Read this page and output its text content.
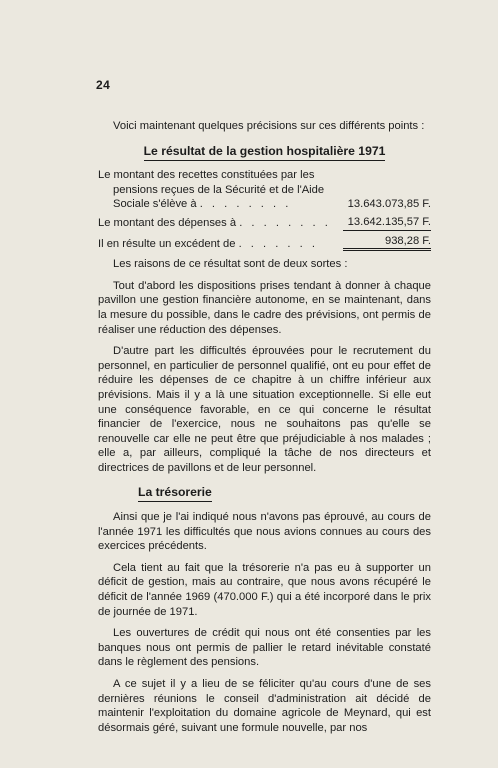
24

Voici maintenant quelques précisions sur ces différents points :

Le résultat de la gestion hospitalière 1971
Le montant des recettes constituées par les pensions reçues de la Sécurité et de l'Aide Sociale s'élève à . . . . . . . .	13.643.073,85 F.
Le montant des dépenses à . . . . . . . .	13.642.135,57 F.
Il en résulte un excédent de . . . . . . .	938,28 F.

Les raisons de ce résultat sont de deux sortes :

Tout d'abord les dispositions prises tendant à donner à chaque pavillon une gestion financière autonome, en se maintenant, dans la mesure du possible, dans le cadre des prévisions, ont permis de réaliser une réduction des dépenses.

D'autre part les difficultés éprouvées pour le recrutement du personnel, en particulier de personnel qualifié, ont eu pour effet de réduire les dépenses de ce chapitre à un chiffre inférieur aux prévisions. Mais il y a là une situation exceptionnelle. Si elle eut une conséquence favorable, en ce qui concerne le résultat financier de l'exercice, nous ne souhaitons pas qu'elle se renouvelle car elle ne peut être que préjudiciable à nos malades ; elle a, par ailleurs, compliqué la tâche de nos directeurs et directrices de pavillons et de leur personnel.

La trésorerie

Ainsi que je l'ai indiqué nous n'avons pas éprouvé, au cours de l'année 1971 les difficultés que nous avions connues au cours des exercices précédents.

Cela tient au fait que la trésorerie n'a pas eu à supporter un déficit de gestion, mais au contraire, que nous avons récupéré le déficit de l'année 1969 (470.000 F.) qui a été incorporé dans le prix de journée de 1971.

Les ouvertures de crédit qui nous ont été consenties par les banques nous ont permis de pallier le retard inévitable constaté dans le règlement des pensions.

A ce sujet il y a lieu de se féliciter qu'au cours d'une de ses dernières réunions le conseil d'administration ait décidé de maintenir l'exploitation du domaine agricole de Meynard, qui est désormais géré, suivant une formule nouvelle, par nos
